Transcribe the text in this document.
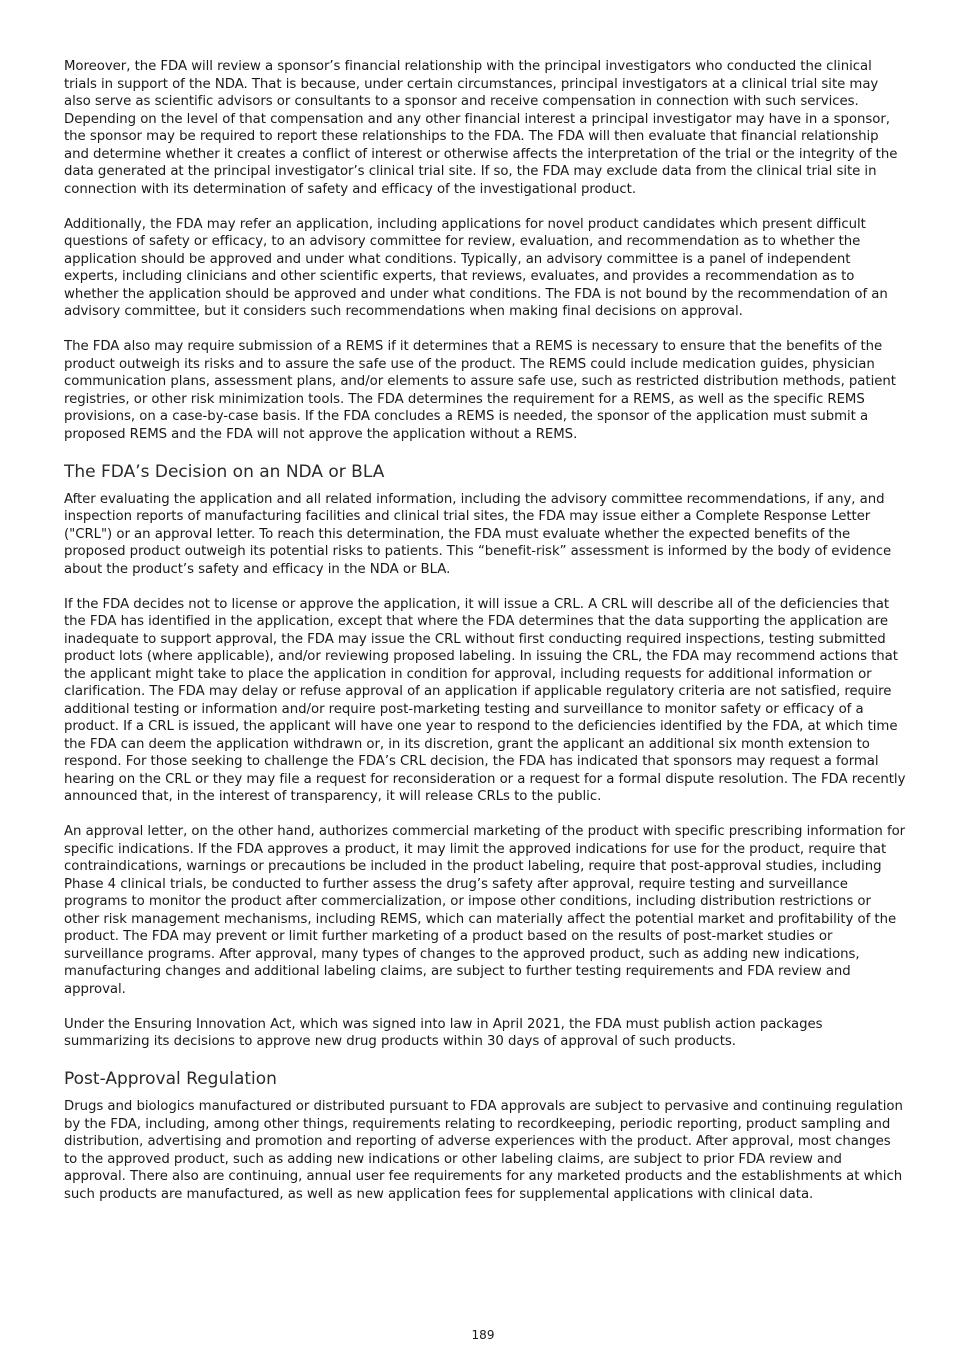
Moreover, the FDA will review a sponsor’s financial relationship with the principal investigators who conducted the clinical trials in support of the NDA. That is because, under certain circumstances, principal investigators at a clinical trial site may also serve as scientific advisors or consultants to a sponsor and receive compensation in connection with such services. Depending on the level of that compensation and any other financial interest a principal investigator may have in a sponsor, the sponsor may be required to report these relationships to the FDA. The FDA will then evaluate that financial relationship and determine whether it creates a conflict of interest or otherwise affects the interpretation of the trial or the integrity of the data generated at the principal investigator’s clinical trial site. If so, the FDA may exclude data from the clinical trial site in connection with its determination of safety and efficacy of the investigational product.

Additionally, the FDA may refer an application, including applications for novel product candidates which present difficult questions of safety or efficacy, to an advisory committee for review, evaluation, and recommendation as to whether the application should be approved and under what conditions. Typically, an advisory committee is a panel of independent experts, including clinicians and other scientific experts, that reviews, evaluates, and provides a recommendation as to whether the application should be approved and under what conditions. The FDA is not bound by the recommendation of an advisory committee, but it considers such recommendations when making final decisions on approval.

The FDA also may require submission of a REMS if it determines that a REMS is necessary to ensure that the benefits of the product outweigh its risks and to assure the safe use of the product. The REMS could include medication guides, physician communication plans, assessment plans, and/or elements to assure safe use, such as restricted distribution methods, patient registries, or other risk minimization tools. The FDA determines the requirement for a REMS, as well as the specific REMS provisions, on a case-by-case basis. If the FDA concludes a REMS is needed, the sponsor of the application must submit a proposed REMS and the FDA will not approve the application without a REMS.

The FDA’s Decision on an NDA or BLA

After evaluating the application and all related information, including the advisory committee recommendations, if any, and inspection reports of manufacturing facilities and clinical trial sites, the FDA may issue either a Complete Response Letter ("CRL") or an approval letter. To reach this determination, the FDA must evaluate whether the expected benefits of the proposed product outweigh its potential risks to patients. This “benefit-risk” assessment is informed by the body of evidence about the product’s safety and efficacy in the NDA or BLA.

If the FDA decides not to license or approve the application, it will issue a CRL. A CRL will describe all of the deficiencies that the FDA has identified in the application, except that where the FDA determines that the data supporting the application are inadequate to support approval, the FDA may issue the CRL without first conducting required inspections, testing submitted product lots (where applicable), and/or reviewing proposed labeling. In issuing the CRL, the FDA may recommend actions that the applicant might take to place the application in condition for approval, including requests for additional information or clarification. The FDA may delay or refuse approval of an application if applicable regulatory criteria are not satisfied, require additional testing or information and/or require post-marketing testing and surveillance to monitor safety or efficacy of a product. If a CRL is issued, the applicant will have one year to respond to the deficiencies identified by the FDA, at which time the FDA can deem the application withdrawn or, in its discretion, grant the applicant an additional six month extension to respond. For those seeking to challenge the FDA’s CRL decision, the FDA has indicated that sponsors may request a formal hearing on the CRL or they may file a request for reconsideration or a request for a formal dispute resolution. The FDA recently announced that, in the interest of transparency, it will release CRLs to the public.

An approval letter, on the other hand, authorizes commercial marketing of the product with specific prescribing information for specific indications. If the FDA approves a product, it may limit the approved indications for use for the product, require that contraindications, warnings or precautions be included in the product labeling, require that post-approval studies, including Phase 4 clinical trials, be conducted to further assess the drug’s safety after approval, require testing and surveillance programs to monitor the product after commercialization, or impose other conditions, including distribution restrictions or other risk management mechanisms, including REMS, which can materially affect the potential market and profitability of the product. The FDA may prevent or limit further marketing of a product based on the results of post-market studies or surveillance programs. After approval, many types of changes to the approved product, such as adding new indications, manufacturing changes and additional labeling claims, are subject to further testing requirements and FDA review and approval.

Under the Ensuring Innovation Act, which was signed into law in April 2021, the FDA must publish action packages summarizing its decisions to approve new drug products within 30 days of approval of such products.

Post-Approval Regulation

Drugs and biologics manufactured or distributed pursuant to FDA approvals are subject to pervasive and continuing regulation by the FDA, including, among other things, requirements relating to recordkeeping, periodic reporting, product sampling and distribution, advertising and promotion and reporting of adverse experiences with the product. After approval, most changes to the approved product, such as adding new indications or other labeling claims, are subject to prior FDA review and approval. There also are continuing, annual user fee requirements for any marketed products and the establishments at which such products are manufactured, as well as new application fees for supplemental applications with clinical data.

189
